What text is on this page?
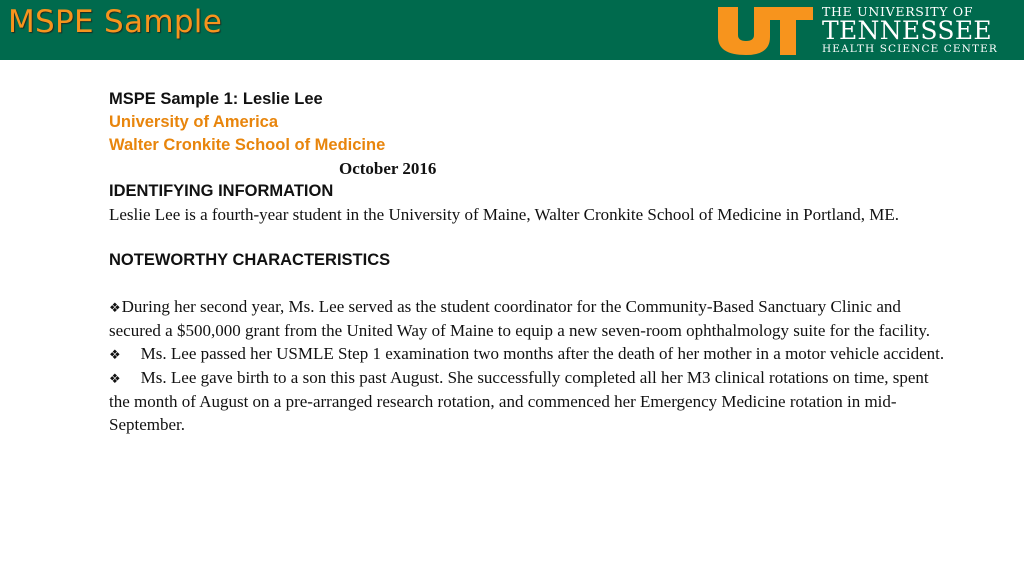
MSPE Sample	THE UNIVERSITY OF
TENNESSEE
HEALTH SCIENCE CENTER

MSPE Sample 1: Leslie Lee

University of America

Walter Cronkite School of Medicine

October 2016

IDENTIFYING INFORMATION

Leslie Lee is a fourth-year student in the University of Maine, Walter Cronkite School of Medicine in Portland, ME.

NOTEWORTHY CHARACTERISTICS

❖During her second year, Ms. Lee served as the student coordinator for the Community-Based Sanctuary Clinic and secured a $500,000 grant from the United Way of Maine to equip a new seven-room ophthalmology suite for the facility.

❖ Ms. Lee passed her USMLE Step 1 examination two months after the death of her mother in a motor vehicle accident.

❖ Ms. Lee gave birth to a son this past August. She successfully completed all her M3 clinical rotations on time, spent the month of August on a pre-arranged research rotation, and commenced her Emergency Medicine rotation in mid-September.
